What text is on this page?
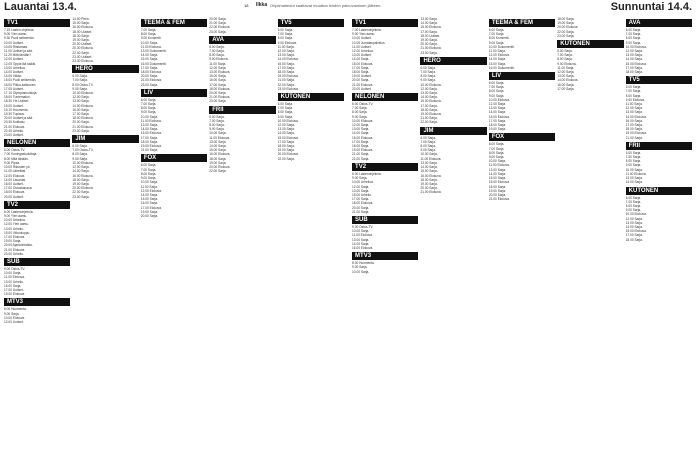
Lauantai 13.4.	18 Ilkka Ohjelmatiedot saattavat muuttua lehden painovamisen jälkeen.	Sunnuntai 14.4.
TV1
7.15 Lasten ohjelmia.
9.00 Ylen aamu.
9.30 Puoli seitsemän.
10.00 Uutiset.
10.05 Riistamaa.
11.00 Uutiset ja sää.
11.20 Mitä tänään?
12.00 Uutiset.
12.05 Oppia ikä kaikki.
13.00 Urheilua.
14.00 Uutiset.
14.05 Viikko.
15.00 Puoli seitsemän.
16.00 Pikku-kakkonen.
17.05 Uutiset.
17.10 Olympiamuistoja.
18.00 Tuntematon.
18.30 Yle Uutiset.
19.00 Uutiset.
19.10 Huomenta.
19.30 Tuplaus.
20.00 Uutiset ja sää.
20.30 Kotikatu.
21.00 Elokuva.
22.45 Urheilu.
23.00 Uutiset.
NELONEN
6.00 Ostos-TV.
7.00 Kuningaskuluttaja.
8.00 Mitä tänään.
9.00 Pipsa.
10.00 Rikosten yö.
11.00 Lähelläsi.
12.00 Elokuva.
14.00 Lauantai.
16.00 Uutiset.
17.00 Ostoskanava.
18.00 Elokuva.
20.00 Uutiset.
TV2
6.00 Lastenohjelmia.
9.00 Ylen aamu.
10.00 Urheilua.
12.00 Ylen aamu.
13.00 Urheilu.
15.00 Viikonloppu.
17.00 Elokuva.
19.00 Sarja.
20.00 Ajankohtaista.
21.00 Elokuva.
23.00 Urheilu.
SUB
9.00 Ostos-TV.
10.00 Sarja.
11.00 Elokuva.
13.00 Urheilu.
15.00 Sarja.
17.00 Uutiset.
19.00 Elokuva.
MTV3
8.00 Huomenta.
9.00 Sarja.
10.00 Elokuva.
12.00 Uutiset.
14.50 Perin.
15.00 Sarja.
16.00 Elokuva.
18.00 Uutiset.
18.30 Sarja.
19.00 Sarja.
20.00 Uutiset.
20.30 Elokuva.
22.00 Sarja.
23.00 Uutiset.
23.30 Elokuva.
HERO
6.00 Sarja.
7.00 Sarja.
8.00 Ostos-TV.
9.00 Sarja.
10.00 Elokuva.
12.00 Sarja.
13.00 Sarja.
14.00 Elokuva.
16.00 Sarja.
17.00 Sarja.
18.00 Elokuva.
20.00 Sarja.
21.00 Elokuva.
23.00 Sarja.
JIM
6.00 Sarja.
7.00 Ostos-TV.
8.00 Sarja.
9.00 Sarja.
10.00 Elokuva.
12.00 Sarja.
14.00 Sarja.
16.00 Elokuva.
18.00 Sarja.
19.00 Sarja.
20.00 Elokuva.
22.00 Sarja.
23.00 Sarja.
TEEMA & FEM
7.00 Sarja.
8.00 Sarja.
9.00 Konsertti.
10.00 Sarja.
11.00 Elokuva.
13.00 Dokumentti.
14.00 Sarja.
15.00 Sarja.
16.00 Dokumentti.
17.00 Sarja.
18.00 Elokuva.
20.00 Sarja.
21.00 Elokuva.
23.00 Sarja.
LIV
6.00 Sarja.
7.00 Sarja.
8.00 Sarja.
9.00 Sarja.
10.00 Sarja.
11.00 Elokuva.
13.00 Sarja.
14.00 Sarja.
15.00 Elokuva.
17.00 Sarja.
18.00 Sarja.
19.00 Elokuva.
21.00 Sarja.
FOX
6.00 Sarja.
7.00 Sarja.
8.00 Sarja.
9.00 Sarja.
10.00 Sarja.
11.00 Sarja.
12.00 Elokuva.
14.00 Sarja.
15.00 Sarja.
16.00 Sarja.
17.00 Elokuva.
19.00 Sarja.
20.00 Sarja.
20.00 Sarja.
21.00 Sarja.
22.00 Elokuva.
23.00 Sarja.
AVA
6.00 Sarja.
7.00 Sarja.
8.00 Sarja.
9.00 Elokuva.
11.00 Sarja.
12.00 Sarja.
13.00 Elokuva.
15.00 Sarja.
16.00 Sarja.
17.00 Sarja.
18.00 Elokuva.
20.00 Sarja.
21.00 Elokuva.
23.00 Sarja.
FRII
6.00 Sarja.
7.00 Sarja.
8.00 Sarja.
9.00 Sarja.
10.00 Sarja.
11.00 Elokuva.
13.00 Sarja.
14.00 Sarja.
15.00 Sarja.
16.00 Elokuva.
18.00 Sarja.
19.00 Sarja.
20.00 Elokuva.
22.00 Sarja.
TV5
6.00 Sarja.
7.00 Sarja.
8.00 Sarja.
9.00 Elokuva.
11.00 Sarja.
12.00 Sarja.
13.00 Sarja.
14.00 Elokuva.
16.00 Sarja.
17.00 Sarja.
18.00 Sarja.
19.00 Elokuva.
21.00 Sarja.
22.00 Sarja.
23.00 Elokuva.
KUTONEN
6.00 Sarja.
7.00 Sarja.
8.00 Sarja.
9.00 Sarja.
10.00 Elokuva.
12.00 Sarja.
13.00 Sarja.
14.00 Sarja.
15.00 Elokuva.
17.00 Sarja.
18.00 Sarja.
19.00 Sarja.
20.00 Elokuva.
22.00 Sarja.
TV1
7.00 Lastenohjelmia.
9.00 Ylen aamu.
10.00 Uutiset.
10.05 Jumalanpalvelus.
11.00 Uutiset.
12.00 Urheilua.
13.00 Uutiset.
14.00 Sarja.
15.00 Elokuva.
17.00 Sarja.
18.00 Sarja.
19.00 Uutiset.
20.00 Sarja.
21.00 Elokuva.
23.00 Uutiset.
NELONEN
6.00 Ostos-TV.
7.00 Sarja.
8.00 Sarja.
9.00 Sarja.
10.00 Elokuva.
12.00 Sarja.
13.00 Sarja.
14.00 Sarja.
15.00 Elokuva.
17.00 Sarja.
18.00 Sarja.
19.00 Elokuva.
21.00 Sarja.
22.00 Sarja.
TV2
6.00 Lastenohjelmia.
9.00 Sarja.
10.00 Urheilua.
12.00 Sarja.
13.00 Sarja.
15.00 Urheilu.
17.00 Sarja.
18.00 Elokuva.
20.00 Sarja.
21.00 Sarja.
SUB
9.00 Ostos-TV.
10.00 Sarja.
11.00 Elokuva.
13.00 Sarja.
14.00 Sarja.
16.00 Elokuva.
MTV3
8.00 Huomenta.
9.00 Sarja.
10.00 Sarja.
13.00 Sarja.
14.00 Sarja.
15.00 Elokuva.
17.00 Sarja.
18.00 Uutiset.
19.00 Sarja.
20.00 Sarja.
21.00 Elokuva.
23.00 Sarja.
HERO
6.00 Sarja.
7.00 Sarja.
8.00 Sarja.
9.00 Sarja.
10.00 Elokuva.
12.00 Sarja.
13.00 Sarja.
14.00 Sarja.
15.00 Elokuva.
17.00 Sarja.
18.00 Sarja.
19.00 Elokuva.
21.00 Sarja.
22.00 Sarja.
JIM
6.00 Sarja.
7.00 Sarja.
8.00 Sarja.
9.00 Sarja.
10.00 Sarja.
11.00 Elokuva.
13.00 Sarja.
14.00 Sarja.
15.00 Sarja.
16.00 Elokuva.
18.00 Sarja.
19.00 Sarja.
20.00 Sarja.
21.00 Elokuva.
TEEMA & FEM
6.00 Sarja.
7.00 Sarja.
8.00 Konsertti.
9.00 Sarja.
10.00 Dokumentti.
11.00 Sarja.
12.00 Elokuva.
14.00 Sarja.
15.00 Sarja.
16.00 Dokumentti.
LIV
6.00 Sarja.
7.00 Sarja.
8.00 Sarja.
9.00 Sarja.
10.00 Elokuva.
12.00 Sarja.
13.00 Sarja.
14.00 Sarja.
15.00 Elokuva.
17.00 Sarja.
18.00 Sarja.
19.00 Sarja.
FOX
6.00 Sarja.
7.00 Sarja.
8.00 Sarja.
9.00 Sarja.
10.00 Sarja.
11.00 Elokuva.
13.00 Sarja.
14.00 Sarja.
15.00 Sarja.
16.00 Elokuva.
18.00 Sarja.
19.00 Sarja.
20.00 Sarja.
21.00 Elokuva.
18.00 Sarja.
19.00 Sarja.
20.00 Elokuva.
22.00 Sarja.
23.00 Sarja.
KUTONEN
6.00 Sarja.
7.00 Sarja.
8.00 Sarja.
9.00 Elokuva.
11.00 Sarja.
12.00 Sarja.
13.00 Sarja.
14.00 Elokuva.
16.00 Sarja.
17.00 Sarja.
AVA
6.00 Sarja.
7.00 Sarja.
8.00 Sarja.
9.00 Sarja.
10.00 Elokuva.
12.00 Sarja.
13.00 Sarja.
14.00 Sarja.
15.00 Elokuva.
17.00 Sarja.
18.00 Sarja.
TV5
6.00 Sarja.
7.00 Sarja.
8.00 Sarja.
9.00 Elokuva.
11.00 Sarja.
12.00 Sarja.
13.00 Sarja.
14.00 Elokuva.
16.00 Sarja.
17.00 Sarja.
18.00 Sarja.
19.00 Elokuva.
21.00 Sarja.
FRII
6.00 Sarja.
7.00 Sarja.
8.00 Sarja.
9.00 Sarja.
10.00 Sarja.
11.00 Elokuva.
13.00 Sarja.
14.00 Sarja.
KUTONEN
6.00 Sarja.
7.00 Sarja.
8.00 Sarja.
9.00 Sarja.
10.00 Elokuva.
12.00 Sarja.
13.00 Sarja.
14.00 Sarja.
15.00 Elokuva.
17.00 Sarja.
18.00 Sarja.
